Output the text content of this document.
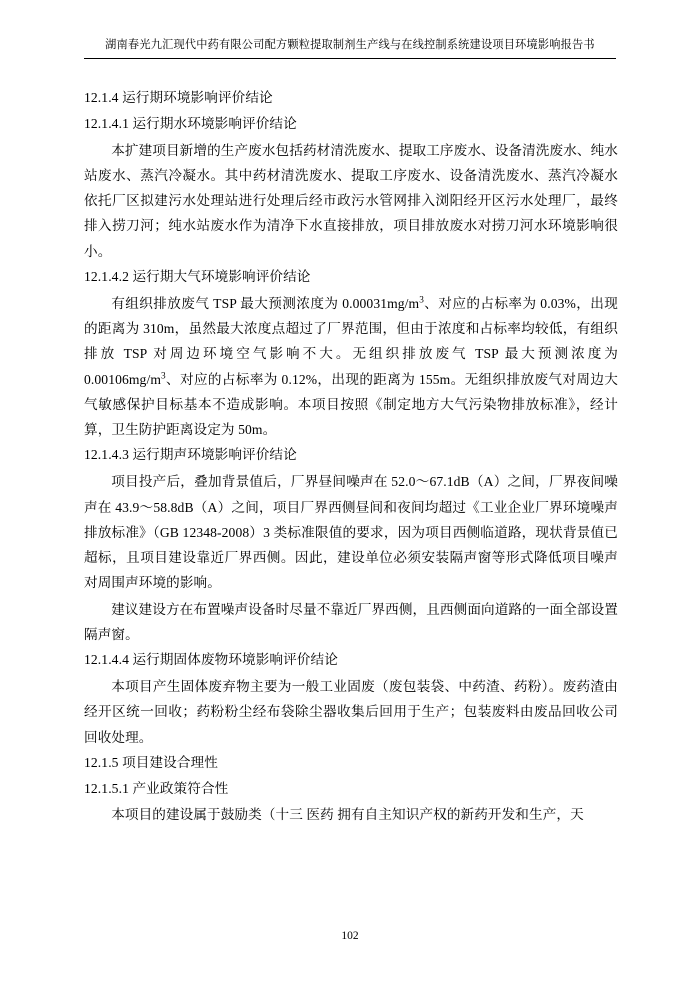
湖南春光九汇现代中药有限公司配方颗粒提取制剂生产线与在线控制系统建设项目环境影响报告书
12.1.4 运行期环境影响评价结论
12.1.4.1 运行期水环境影响评价结论

本扩建项目新增的生产废水包括药材清洗废水、提取工序废水、设备清洗废水、纯水站废水、蒸汽冷凝水。其中药材清洗废水、提取工序废水、设备清洗废水、蒸汽冷凝水依托厂区拟建污水处理站进行处理后经市政污水管网排入浏阳经开区污水处理厂，最终排入捞刀河；纯水站废水作为清净下水直接排放，项目排放废水对捞刀河水环境影响很小。

12.1.4.2 运行期大气环境影响评价结论

有组织排放废气 TSP 最大预测浓度为 $0.00031mg/m^3$、对应的占标率为 0.03%，出现的距离为 310m，虽然最大浓度点超过了厂界范围，但由于浓度和占标率均较低，有组织排放 TSP 对周边环境空气影响不大。无组织排放废气 TSP 最大预测浓度为 $0.00106mg/m^3$、对应的占标率为 0.12%，出现的距离为 155m。无组织排放废气对周边大气敏感保护目标基本不造成影响。本项目按照《制定地方大气污染物排放标准》，经计算，卫生防护距离设定为 50m。

12.1.4.3 运行期声环境影响评价结论

项目投产后，叠加背景值后，厂界昼间噪声在 52.0～67.1dB（A）之间，厂界夜间噪声在 43.9～58.8dB（A）之间，项目厂界西侧昼间和夜间均超过《工业企业厂界环境噪声排放标准》（GB 12348-2008）3 类标准限值的要求，因为项目西侧临道路，现状背景值已超标，且项目建设靠近厂界西侧。因此，建设单位必须安装隔声窗等形式降低项目噪声对周围声环境的影响。

建议建设方在布置噪声设备时尽量不靠近厂界西侧，且西侧面向道路的一面全部设置隔声窗。

12.1.4.4 运行期固体废物环境影响评价结论

本项目产生固体废弃物主要为一般工业固废（废包装袋、中药渣、药粉）。废药渣由经开区统一回收；药粉粉尘经布袋除尘器收集后回用于生产；包装废料由废品回收公司回收处理。

12.1.5 项目建设合理性
12.1.5.1 产业政策符合性

本项目的建设属于鼓励类（十三 医药 拥有自主知识产权的新药开发和生产，天

102
